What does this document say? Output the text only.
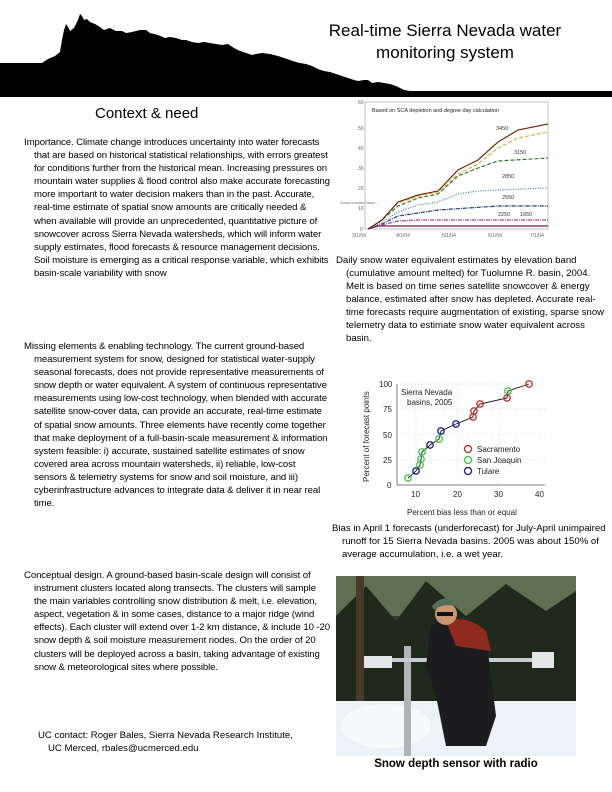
Real-time Sierra Nevada water
monitoring system
Context & need

Importance. Climate change introduces uncertainty into water forecasts that are based on historical statistical relationships, with errors greatest for conditions further from the historical mean. Increasing pressures on mountain water supplies & flood control also make accurate forecasting more important to water decision makers than in the past. Accurate, real-time estimate of spatial snow amounts are critically needed & when available will provide an unprecedented, quantitative picture of snowcover across Sierra Nevada watersheds, which will inform water supply estimates, flood forecasts & resource management decisions. Soil moisture is emerging as a critical response variable, which exhibits basin-scale variability with snow

Missing elements & enabling technology. The current ground-based measurement system for snow, designed for statistical water-supply seasonal forecasts, does not provide representative measurements of snow depth or water equivalent. A system of continuous representative measurements using low-cost technology, when blended with accurate satellite snow-cover data, can provide an accurate, real-time estimate of spatial snow amounts. Three elements have recently come together that make deployment of a full-basin-scale measurement & information system feasible: i) accurate, sustained satellite estimates of snow covered area across mountain watersheds, ii) reliable, low-cost sensors & telemetry systems for snow and soil moisture, and iii) cyberinfrastructure advances to integrate data & deliver it in near real time.

Conceptual design. A ground-based basin-scale design will consist of instrument clusters located along transects. The clusters will sample the main variables controlling snow distribution & melt, i.e. elevation, aspect, vegetation & in some cases, distance to a major ridge (wind effects). Each cluster will extend over 1-2 km distance, & include 10 -20 snow depth & soil moisture measurement nodes. On the order of 20 clusters will be deployed across a basin, taking advantage of existing snow & meteorological sites where possible.

UC contact: Roger Bales, Sierra Nevada Research Institute,
UC Merced, rbales@ucmerced.edu
60
50
40
30
20
10
0
3/1/04	4/1/04	5/1/04	6/1/04	7/1/04
Snow-covered area ...
Based on SCA depletion and degree day calculation
3450
3150
2850
2550
2250 1950

Daily snow water equivalent estimates by elevation band (cumulative amount melted) for Tuolumne R. basin, 2004. Melt is based on time series satellite snowcover & energy balance, estimated after snow has depleted. Accurate real-time forecasts require augmentation of existing, sparse snow telemetry data to estimate snow water equivalent across basin.

100
75
50
25
0
10	20	30	40
Percent bias less than or equal
Percent of forecast points	Sierra Nevada
basins, 2005
Sacramento
San Joaquin
Tulare

Bias in April 1 forecasts (underforecast) for July-April unimpaired runoff for 15 Sierra Nevada basins. 2005 was about 150% of average accumulation, i.e. a wet year.

Snow depth sensor with radio
